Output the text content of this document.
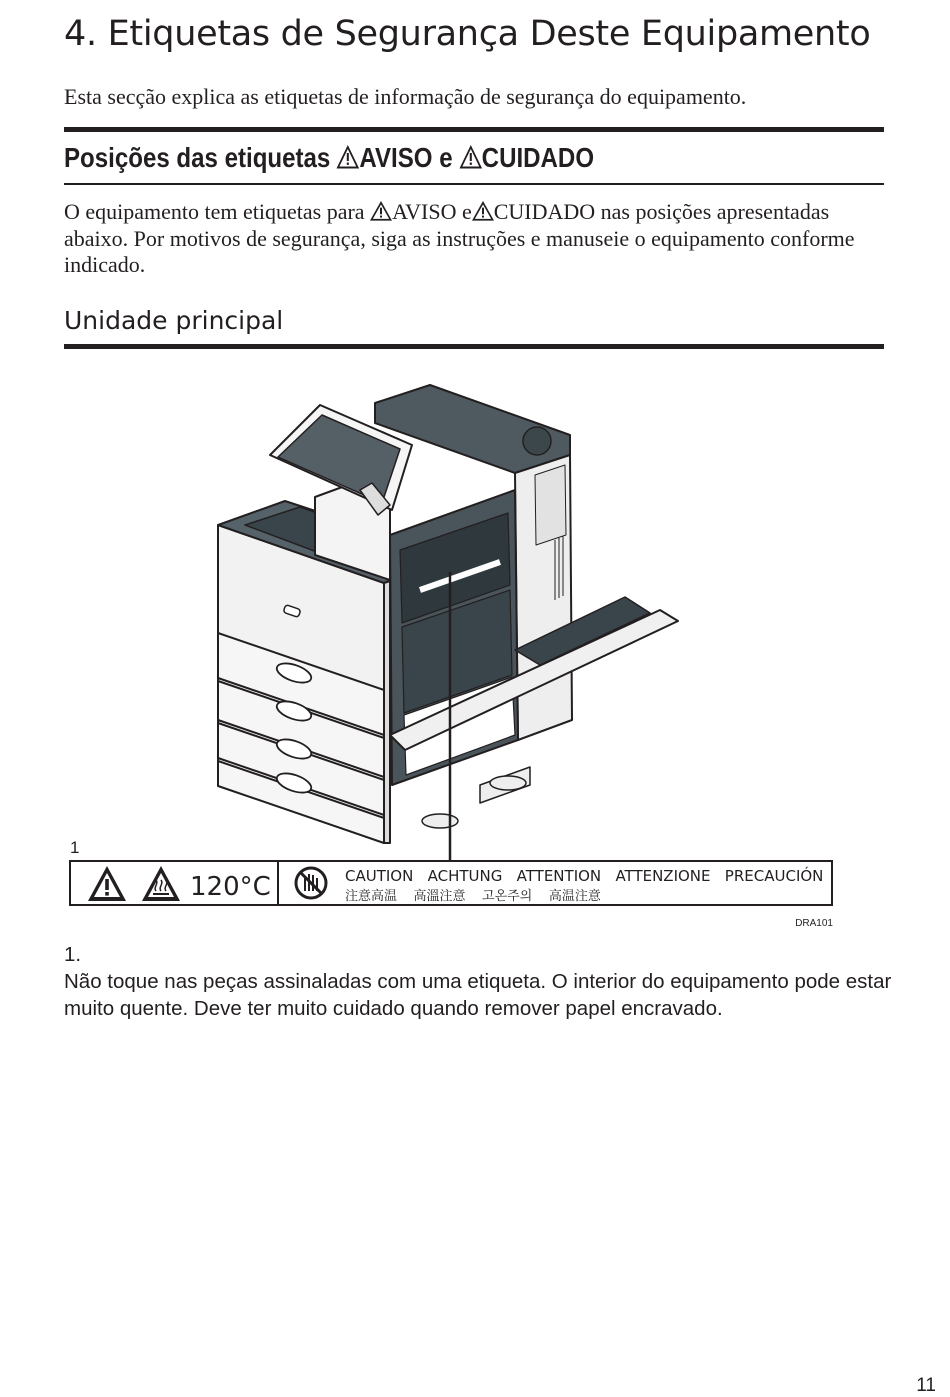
4. Etiquetas de Segurança Deste Equipamento

Esta secção explica as etiquetas de informação de segurança do equipamento.

Posições das etiquetas AVISO e CUIDADO

O equipamento tem etiquetas para AVISO e CUIDADO nas posições apresentadas abaixo. Por motivos de segurança, siga as instruções e manuseie o equipamento conforme indicado.

Unidade principal
1
120°C	CAUTION   ACHTUNG   ATTENTION   ATTENZIONE   PRECAUCIÓN
注意高温    高溫注意    고온주의    高温注意
DRA101

1.

Não toque nas peças assinaladas com uma etiqueta. O interior do equipamento pode estar muito quente. Deve ter muito cuidado quando remover papel encravado.

11
